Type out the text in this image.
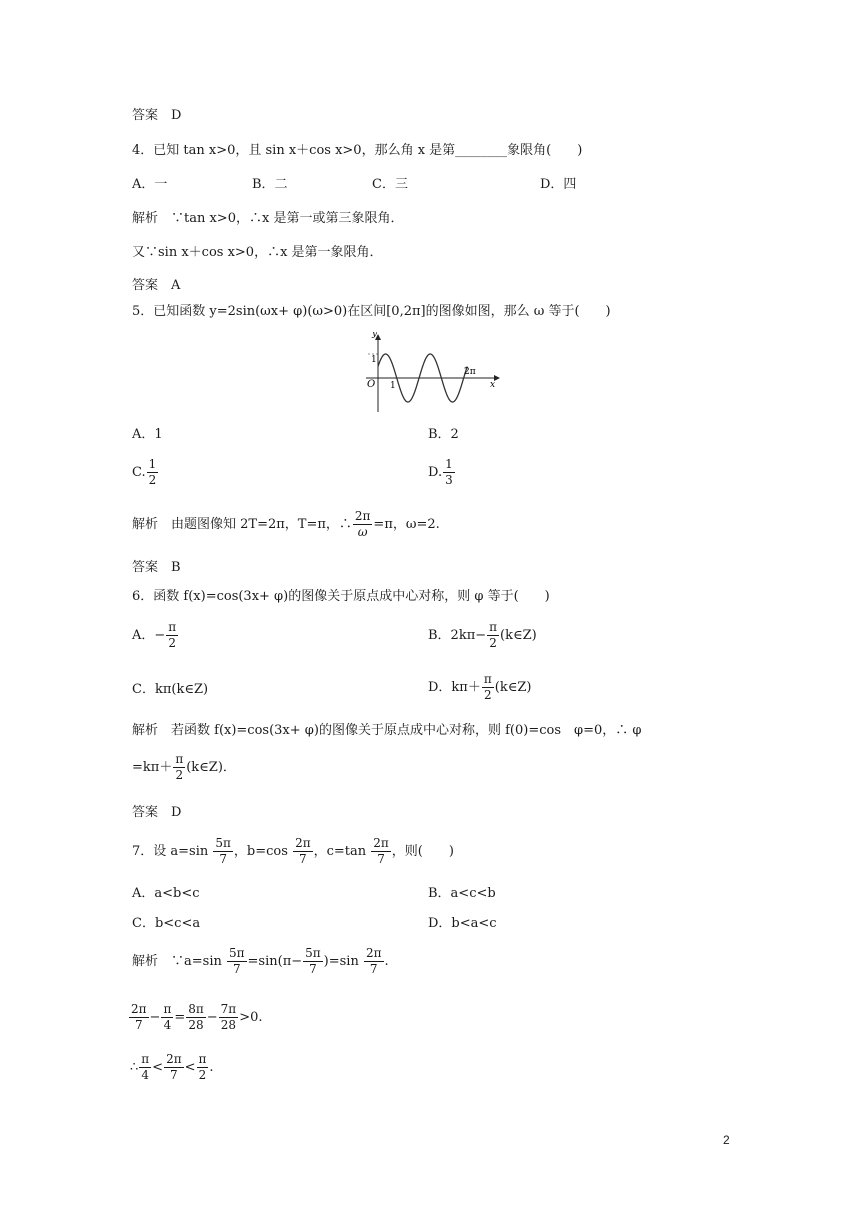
答案　D
4．已知 tan x>0，且 sin x＋cos x>0，那么角 x 是第________象限角(　　)
A．一	B．二	C．三	D．四
解析　∵tan x>0，∴x 是第一或第三象限角．
又∵sin x＋cos x>0，∴x 是第一象限角．
答案　A
5．已知函数 y=2sin(ωx+ φ)(ω>0)在区间[0,2π]的图像如图，那么 ω 等于(　　)
y
x
O 1
1
2π
A．1	B．2
C. $\frac{1}{2}$	D. $\frac{1}{3}$
解析　由题图像知 2T=2π，T=π，∴ $\frac{2\pi}{\omega} =\pi$，ω=2.
答案　B
6．函数 f(x)=cos(3x+ φ)的图像关于原点成中心对称，则 φ 等于(　　)
A．− $\frac{\pi}{2}$	B．$2k\pi- \frac{\pi}{2}$ (k∈Z)
C．kπ(k∈Z)	D．$k\pi+ \frac{\pi}{2}$ (k∈Z)
解析　若函数 f(x)=cos(3x+ φ)的图像关于原点成中心对称，则 f(0)=cos　φ=0，∴ φ
$=k\pi+ \frac{\pi}{2}$ (k∈Z)．
答案　D
7．设 $a=\sin \frac{5\pi}{7}$ ，$b=\cos \frac{2\pi}{7}$ ，$c=\tan \frac{2\pi}{7}$ ，则(　　)
A．a<b<c	B．a<c<b
C．b<c<a	D．b<a<c
解析　∵a=sin $\frac{5\pi}{7} =\sin(\pi- \frac{5\pi}{7} )=\sin \frac{2\pi}{7}$ .
$\frac{2\pi}{7} - \frac{\pi}{4} = \frac{8\pi}{28} - \frac{7\pi}{28} >0$.
∴ $\frac{\pi}{4} < \frac{2\pi}{7} < \frac{\pi}{2}$ .
2
